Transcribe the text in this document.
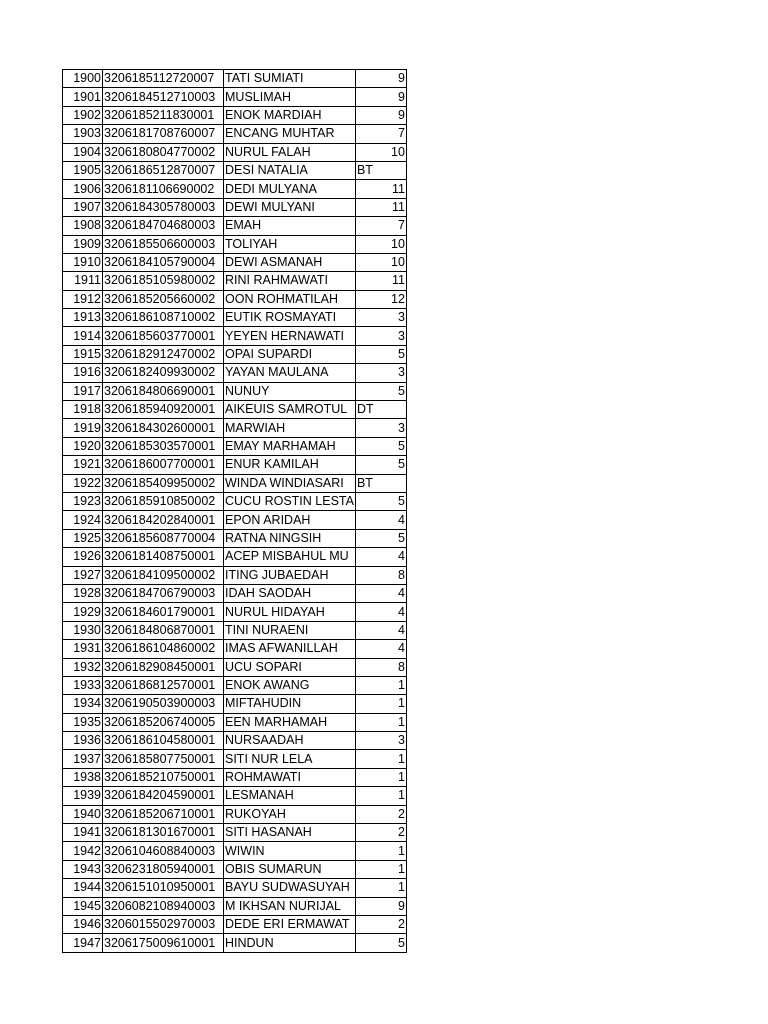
1900	3206185112720007	TATI SUMIATI	9
1901	3206184512710003	MUSLIMAH	9
1902	3206185211830001	ENOK MARDIAH	9
1903	3206181708760007	ENCANG MUHTAR	7
1904	3206180804770002	NURUL FALAH	10
1905	3206186512870007	DESI NATALIA	BT

1906	3206181106690002	DEDI MULYANA	11
1907	3206184305780003	DEWI MULYANI	11
1908	3206184704680003	EMAH	7
1909	3206185506600003	TOLIYAH	10
1910	3206184105790004	DEWI ASMANAH	10
1911	3206185105980002	RINI RAHMAWATI	11
1912	3206185205660002	OON ROHMATILAH	12
1913	3206186108710002	EUTIK ROSMAYATI	3
1914	3206185603770001	YEYEN HERNAWATI	3
1915	3206182912470002	OPAI SUPARDI	5
1916	3206182409930002	YAYAN MAULANA	3
1917	3206184806690001	NUNUY	5
1918	3206185940920001	AIKEUIS SAMROTUL	DT

1919	3206184302600001	MARWIAH	3
1920	3206185303570001	EMAY MARHAMAH	5
1921	3206186007700001	ENUR KAMILAH	5
1922	3206185409950002	WINDA WINDIASARI	BT

1923	3206185910850002	CUCU ROSTIN LESTA	5
1924	3206184202840001	EPON ARIDAH	4
1925	3206185608770004	RATNA NINGSIH	5
1926	3206181408750001	ACEP MISBAHUL MU	4
1927	3206184109500002	ITING JUBAEDAH	8
1928	3206184706790003	IDAH SAODAH	4
1929	3206184601790001	NURUL HIDAYAH	4
1930	3206184806870001	TINI NURAENI	4
1931	3206186104860002	IMAS AFWANILLAH	4
1932	3206182908450001	UCU SOPARI	8
1933	3206186812570001	ENOK AWANG	1
1934	3206190503900003	MIFTAHUDIN	1
1935	3206185206740005	EEN MARHAMAH	1
1936	3206186104580001	NURSAADAH	3
1937	3206185807750001	SITI NUR LELA	1
1938	3206185210750001	ROHMAWATI	1
1939	3206184204590001	LESMANAH	1
1940	3206185206710001	RUKOYAH	2
1941	3206181301670001	SITI HASANAH	2
1942	3206104608840003	WIWIN	1
1943	3206231805940001	OBIS SUMARUN	1
1944	3206151010950001	BAYU SUDWASUYAH	1
1945	3206082108940003	M IKHSAN NURIJAL	9
1946	3206015502970003	DEDE ERI ERMAWAT	2
1947	3206175009610001	HINDUN	5
